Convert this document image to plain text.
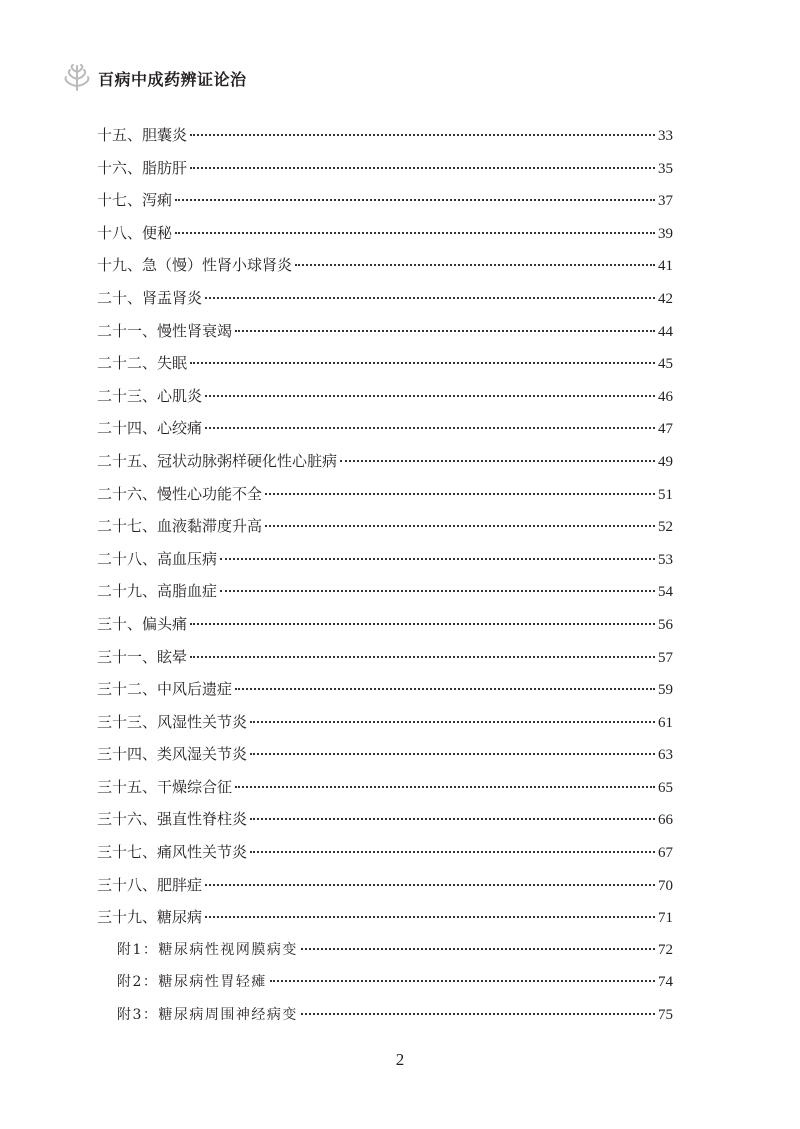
百病中成药辨证论治
十五、胆囊炎	33
十六、脂肪肝	35
十七、泻痢	37
十八、便秘	39
十九、急（慢）性肾小球肾炎	41
二十、肾盂肾炎	42
二十一、慢性肾衰竭	44
二十二、失眠	45
二十三、心肌炎	46
二十四、心绞痛	47
二十五、冠状动脉粥样硬化性心脏病	49
二十六、慢性心功能不全	51
二十七、血液黏滞度升高	52
二十八、高血压病	53
二十九、高脂血症	54
三十、偏头痛	56
三十一、眩晕	57
三十二、中风后遗症	59
三十三、风湿性关节炎	61
三十四、类风湿关节炎	63
三十五、干燥综合征	65
三十六、强直性脊柱炎	66
三十七、痛风性关节炎	67
三十八、肥胖症	70
三十九、糖尿病	71
附1：糖尿病性视网膜病变	72
附2：糖尿病性胃轻瘫	74
附3：糖尿病周围神经病变	75
2
